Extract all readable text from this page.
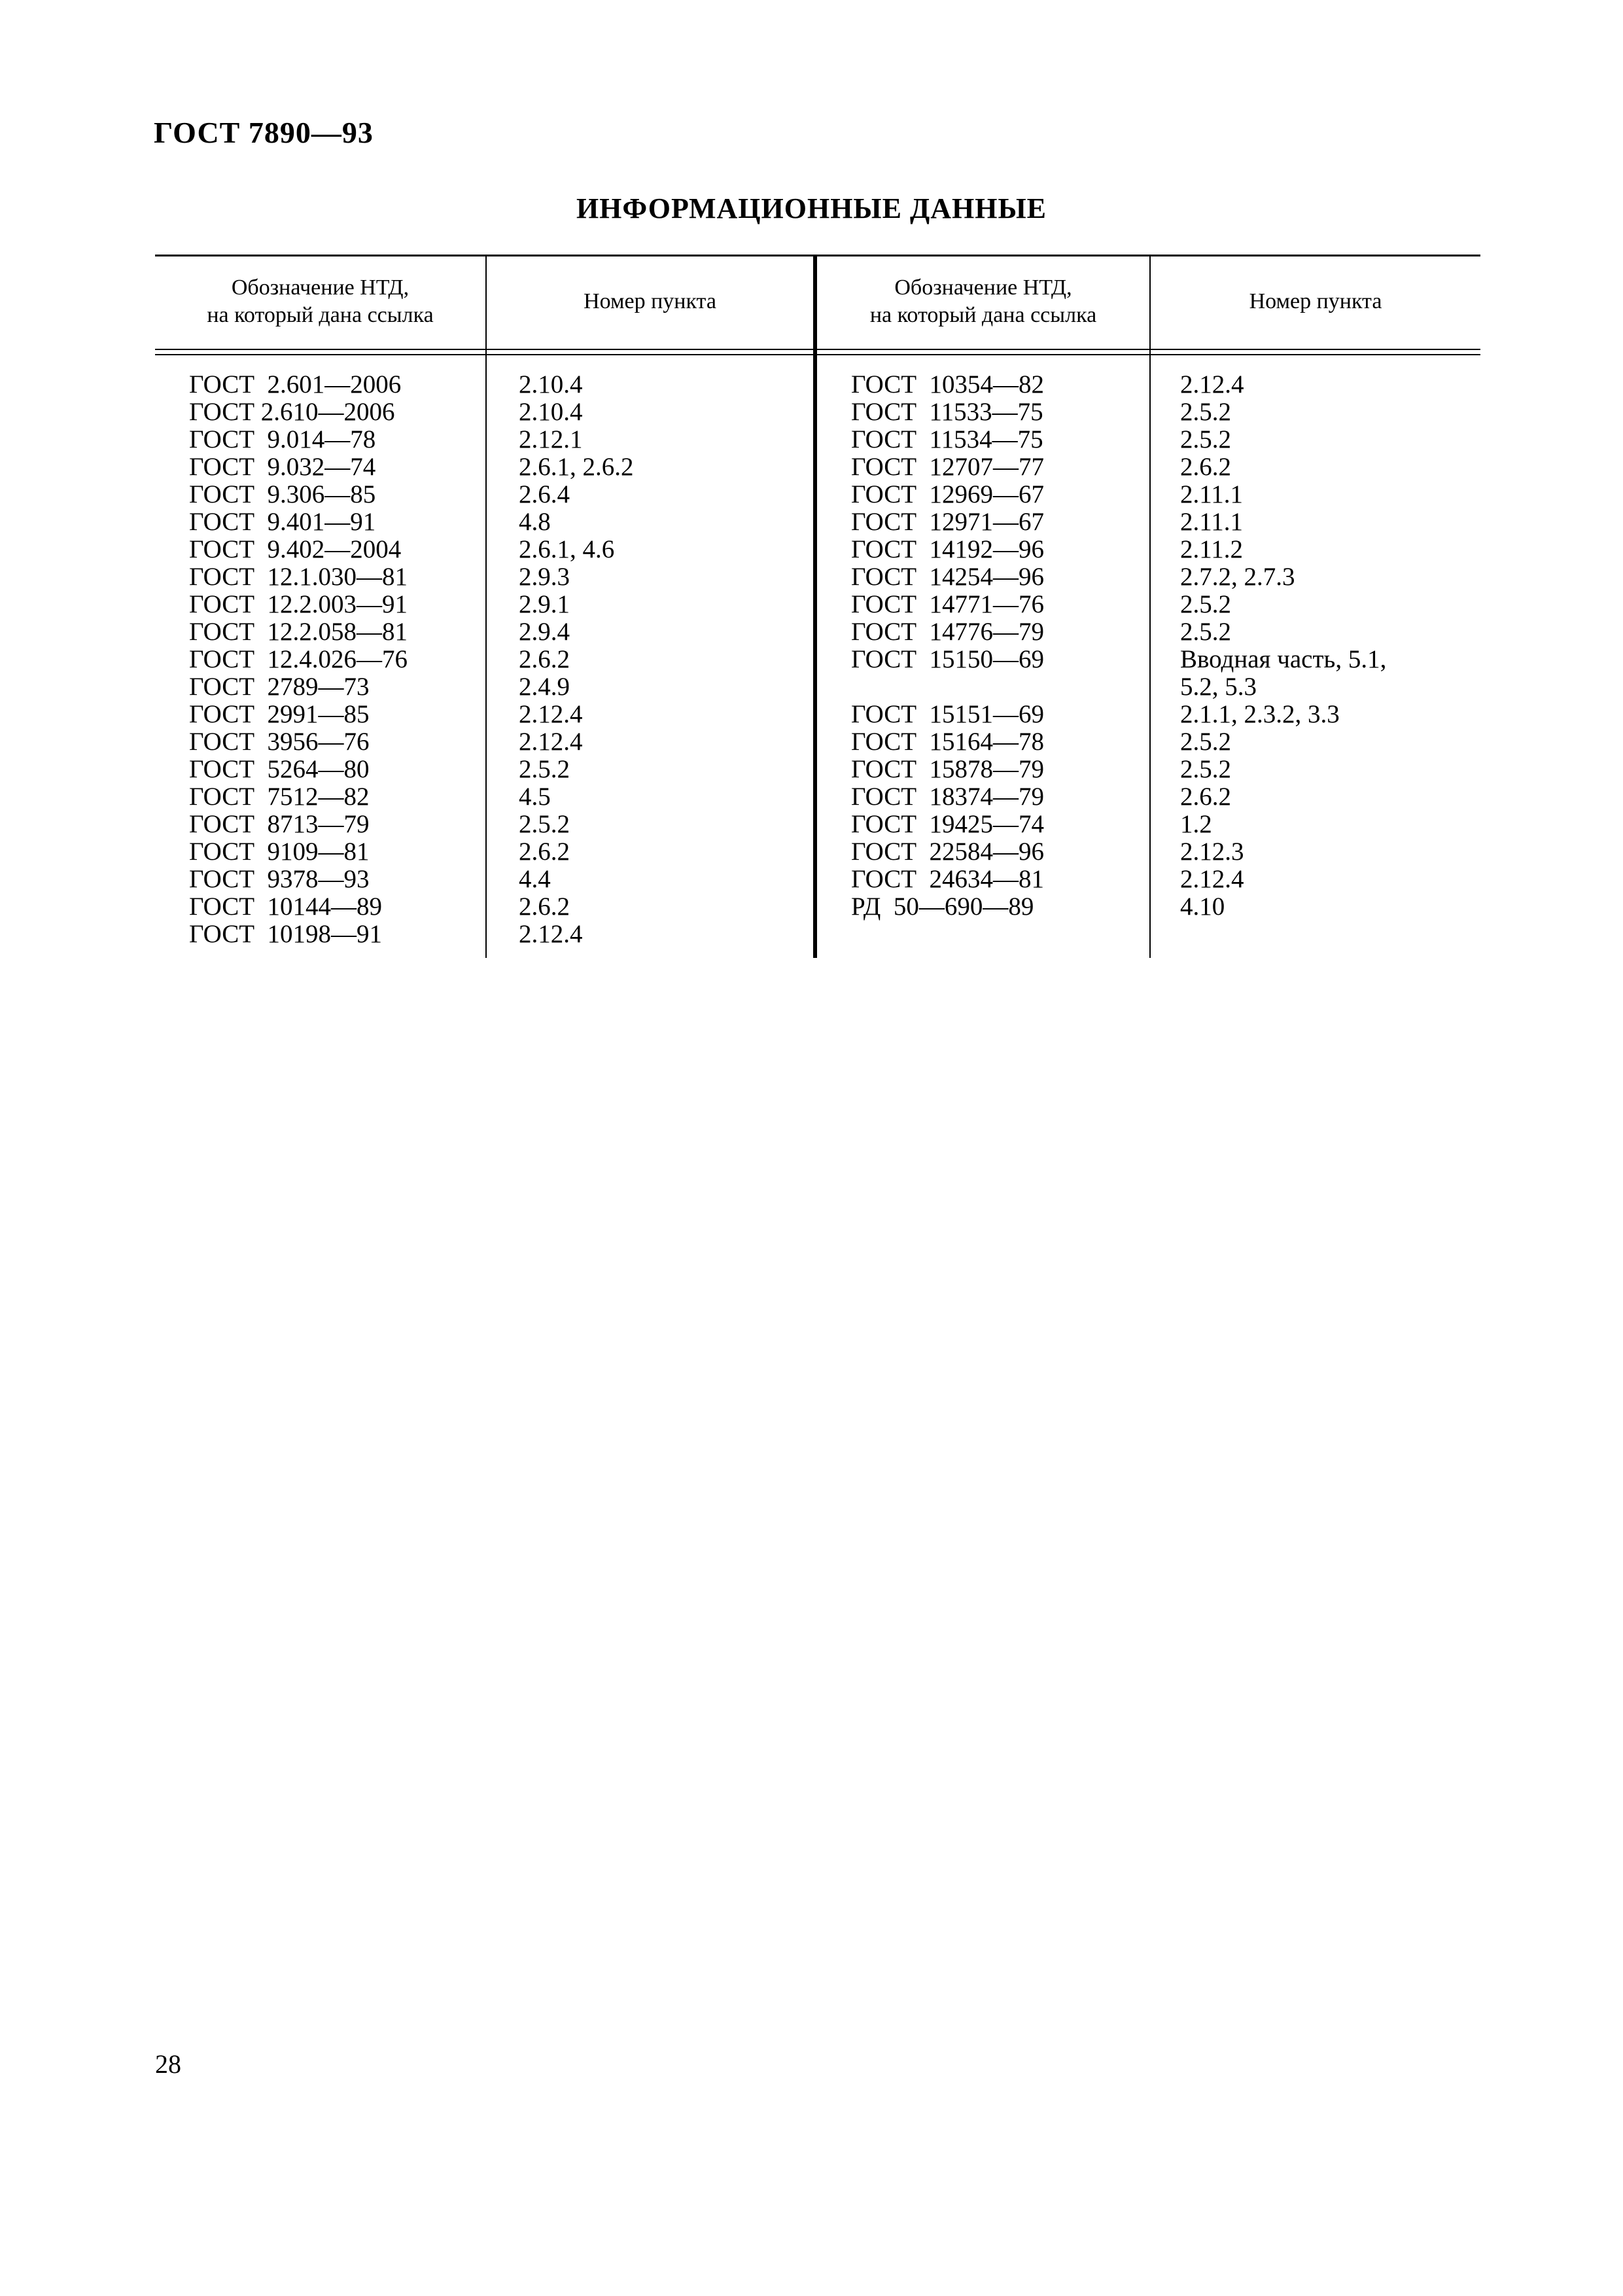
ГОСТ 7890—93
ИНФОРМАЦИОННЫЕ ДАННЫЕ
Обозначение НТД,
на который дана ссылка
Номер пункта
Обозначение НТД,
на который дана ссылка
Номер пункта
ГОСТ  2.601—2006
ГОСТ 2.610—2006
ГОСТ  9.014—78
ГОСТ  9.032—74
ГОСТ  9.306—85
ГОСТ  9.401—91
ГОСТ  9.402—2004
ГОСТ  12.1.030—81
ГОСТ  12.2.003—91
ГОСТ  12.2.058—81
ГОСТ  12.4.026—76
ГОСТ  2789—73
ГОСТ  2991—85
ГОСТ  3956—76
ГОСТ  5264—80
ГОСТ  7512—82
ГОСТ  8713—79
ГОСТ  9109—81
ГОСТ  9378—93
ГОСТ  10144—89
ГОСТ  10198—91
2.10.4
2.10.4
2.12.1
2.6.1, 2.6.2
2.6.4
4.8
2.6.1, 4.6
2.9.3
2.9.1
2.9.4
2.6.2
2.4.9
2.12.4
2.12.4
2.5.2
4.5
2.5.2
2.6.2
4.4
2.6.2
2.12.4
ГОСТ  10354—82
ГОСТ  11533—75
ГОСТ  11534—75
ГОСТ  12707—77
ГОСТ  12969—67
ГОСТ  12971—67
ГОСТ  14192—96
ГОСТ  14254—96
ГОСТ  14771—76
ГОСТ  14776—79
ГОСТ  15150—69

ГОСТ  15151—69
ГОСТ  15164—78
ГОСТ  15878—79
ГОСТ  18374—79
ГОСТ  19425—74
ГОСТ  22584—96
ГОСТ  24634—81
РД  50—690—89
2.12.4
2.5.2
2.5.2
2.6.2
2.11.1
2.11.1
2.11.2
2.7.2, 2.7.3
2.5.2
2.5.2
Вводная часть, 5.1,
5.2, 5.3
2.1.1, 2.3.2, 3.3
2.5.2
2.5.2
2.6.2
1.2
2.12.3
2.12.4
4.10
28
